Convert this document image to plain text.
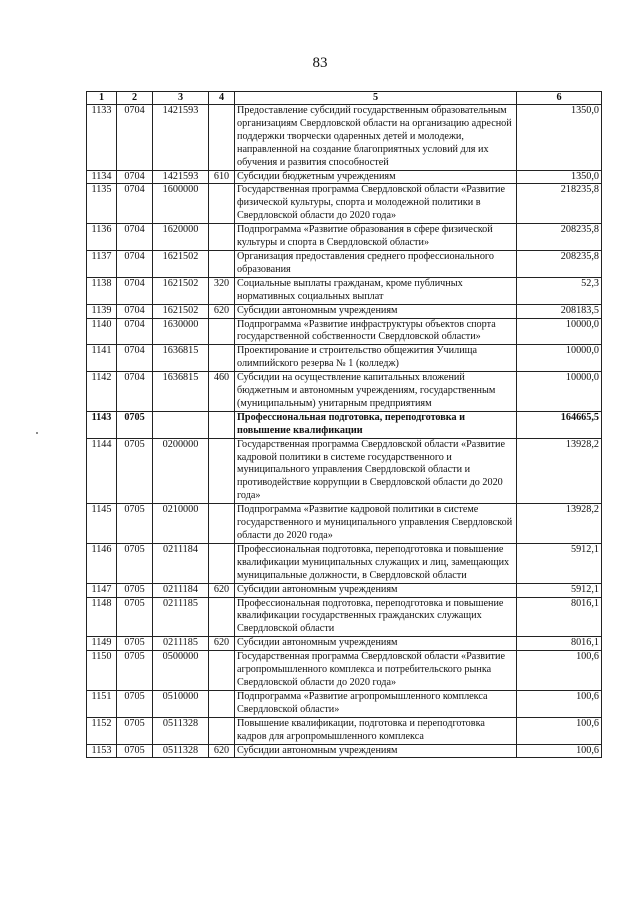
83
1	2	3	4	5	6
1133	0704	1421593		Предоставление субсидий государственным образовательным организациям Свердловской области на организацию адресной поддержки творчески одаренных детей и молодежи, направленной на создание благоприятных условий для их обучения и развития способностей	1350,0
1134	0704	1421593	610	Субсидии бюджетным учреждениям	1350,0
1135	0704	1600000		Государственная программа Свердловской области «Развитие физической культуры, спорта и молодежной политики в Свердловской области до 2020 года»	218235,8
1136	0704	1620000		Подпрограмма «Развитие образования в сфере физической культуры и спорта в Свердловской области»	208235,8
1137	0704	1621502		Организация предоставления среднего профессионального образования	208235,8
1138	0704	1621502	320	Социальные выплаты гражданам, кроме публичных нормативных социальных выплат	52,3
1139	0704	1621502	620	Субсидии автономным учреждениям	208183,5
1140	0704	1630000		Подпрограмма «Развитие инфраструктуры объектов спорта государственной собственности Свердловской области»	10000,0
1141	0704	1636815		Проектирование и строительство общежития Училища олимпийского резерва № 1 (колледж)	10000,0
1142	0704	1636815	460	Субсидии на осуществление капитальных вложений бюджетным и автономным учреждениям, государственным (муниципальным) унитарным предприятиям	10000,0
1143	0705			Профессиональная подготовка, переподготовка и повышение квалификации	164665,5
1144	0705	0200000		Государственная программа Свердловской области «Развитие кадровой политики в системе государственного и муниципального управления Свердловской области и противодействие коррупции в Свердловской области до 2020 года»	13928,2
1145	0705	0210000		Подпрограмма «Развитие кадровой политики в системе государственного и муниципального управления Свердловской области до 2020 года»	13928,2
1146	0705	0211184		Профессиональная подготовка, переподготовка и повышение квалификации муниципальных служащих и лиц, замещающих муниципальные должности, в Свердловской области	5912,1
1147	0705	0211184	620	Субсидии автономным учреждениям	5912,1
1148	0705	0211185		Профессиональная подготовка, переподготовка и повышение квалификации государственных гражданских служащих Свердловской области	8016,1
1149	0705	0211185	620	Субсидии автономным учреждениям	8016,1
1150	0705	0500000		Государственная программа Свердловской области «Развитие агропромышленного комплекса и потребительского рынка Свердловской области до 2020 года»	100,6
1151	0705	0510000		Подпрограмма «Развитие агропромышленного комплекса Свердловской области»	100,6
1152	0705	0511328		Повышение квалификации, подготовка и переподготовка кадров для агропромышленного комплекса	100,6
1153	0705	0511328	620	Субсидии автономным учреждениям	100,6
